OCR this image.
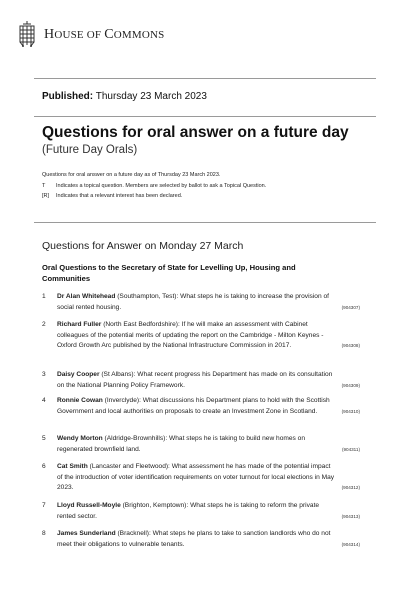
HOUSE OF COMMONS
Published: Thursday 23 March 2023
Questions for oral answer on a future day
(Future Day Orals)
Questions for oral answer on a future day as of Thursday 23 March 2023.
T Indicates a topical question. Members are selected by ballot to ask a Topical Question.
[R] Indicates that a relevant interest has been declared.
Questions for Answer on Monday 27 March
Oral Questions to the Secretary of State for Levelling Up, Housing and Communities
1	Dr Alan Whitehead (Southampton, Test): What steps he is taking to increase the provision of social rented housing.	(904307)
2	Richard Fuller (North East Bedfordshire): If he will make an assessment with Cabinet colleagues of the potential merits of updating the report on the Cambridge - Milton Keynes - Oxford Growth Arc published by the National Infrastructure Commission in 2017.	(904308)
3	Daisy Cooper (St Albans): What recent progress his Department has made on its consultation on the National Planning Policy Framework.	(904309)
4	Ronnie Cowan (Inverclyde): What discussions his Department plans to hold with the Scottish Government and local authorities on proposals to create an Investment Zone in Scotland.	(904310)
5	Wendy Morton (Aldridge-Brownhills): What steps he is taking to build new homes on regenerated brownfield land.	(904311)
6	Cat Smith (Lancaster and Fleetwood): What assessment he has made of the potential impact of the introduction of voter identification requirements on voter turnout for local elections in May 2023.	(904312)
7	Lloyd Russell-Moyle (Brighton, Kemptown): What steps he is taking to reform the private rented sector.	(904313)
8	James Sunderland (Bracknell): What steps he plans to take to sanction landlords who do not meet their obligations to vulnerable tenants.	(904314)
